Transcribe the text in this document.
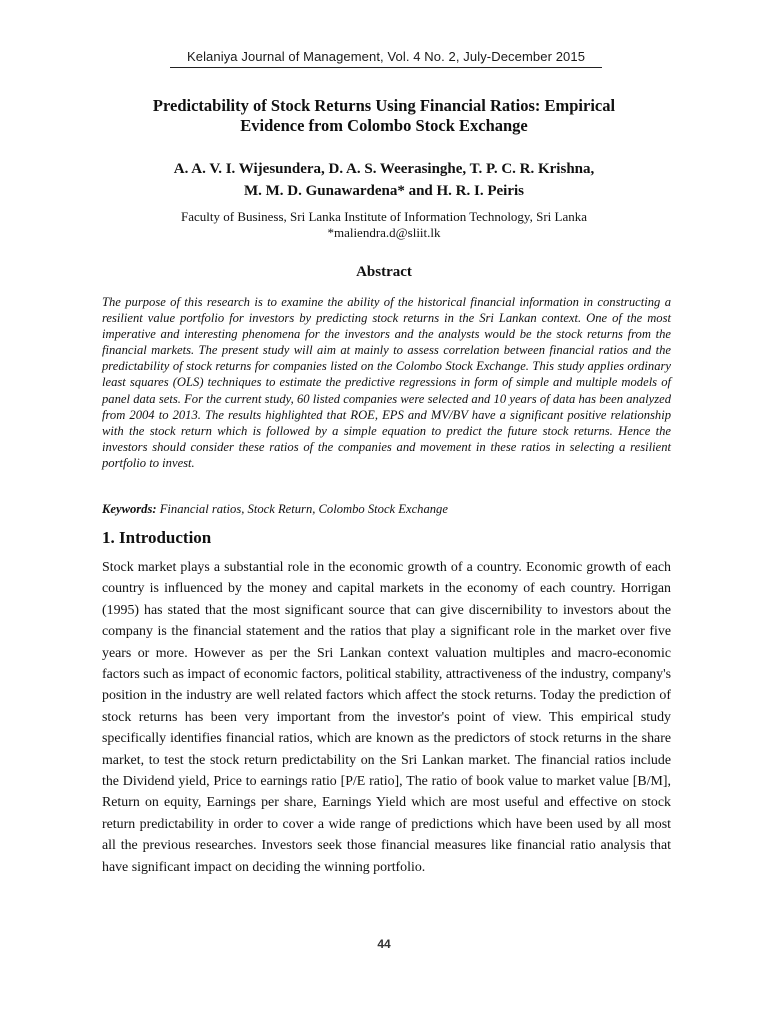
Kelaniya Journal of Management, Vol. 4 No. 2, July-December 2015
Predictability of Stock Returns Using Financial Ratios: Empirical
Evidence from Colombo Stock Exchange
A. A. V. I. Wijesundera, D. A. S. Weerasinghe, T. P. C. R. Krishna,
M. M. D. Gunawardena* and H. R. I. Peiris
Faculty of Business, Sri Lanka Institute of Information Technology, Sri Lanka
*maliendra.d@sliit.lk
Abstract

The purpose of this research is to examine the ability of the historical financial information in constructing a resilient value portfolio for investors by predicting stock returns in the Sri Lankan context. One of the most imperative and interesting phenomena for the investors and the analysts would be the stock returns from the financial markets. The present study will aim at mainly to assess correlation between financial ratios and the predictability of stock returns for companies listed on the Colombo Stock Exchange. This study applies ordinary least squares (OLS) techniques to estimate the predictive regressions in form of simple and multiple models of panel data sets. For the current study, 60 listed companies were selected and 10 years of data has been analyzed from 2004 to 2013. The results highlighted that ROE, EPS and MV/BV have a significant positive relationship with the stock return which is followed by a simple equation to predict the future stock returns. Hence the investors should consider these ratios of the companies and movement in these ratios in selecting a resilient portfolio to invest.

Keywords: Financial ratios, Stock Return, Colombo Stock Exchange
1. Introduction

Stock market plays a substantial role in the economic growth of a country. Economic growth of each country is influenced by the money and capital markets in the economy of each country. Horrigan (1995) has stated that the most significant source that can give discernibility to investors about the company is the financial statement and the ratios that play a significant role in the market over five years or more. However as per the Sri Lankan context valuation multiples and macro-economic factors such as impact of economic factors, political stability, attractiveness of the industry, company's position in the industry are well related factors which affect the stock returns. Today the prediction of stock returns has been very important from the investor's point of view. This empirical study specifically identifies financial ratios, which are known as the predictors of stock returns in the share market, to test the stock return predictability on the Sri Lankan market. The financial ratios include the Dividend yield, Price to earnings ratio [P/E ratio], The ratio of book value to market value [B/M], Return on equity, Earnings per share, Earnings Yield which are most useful and effective on stock return predictability in order to cover a wide range of predictions which have been used by all most all the previous researches. Investors seek those financial measures like financial ratio analysis that have significant impact on deciding the winning portfolio.

44
